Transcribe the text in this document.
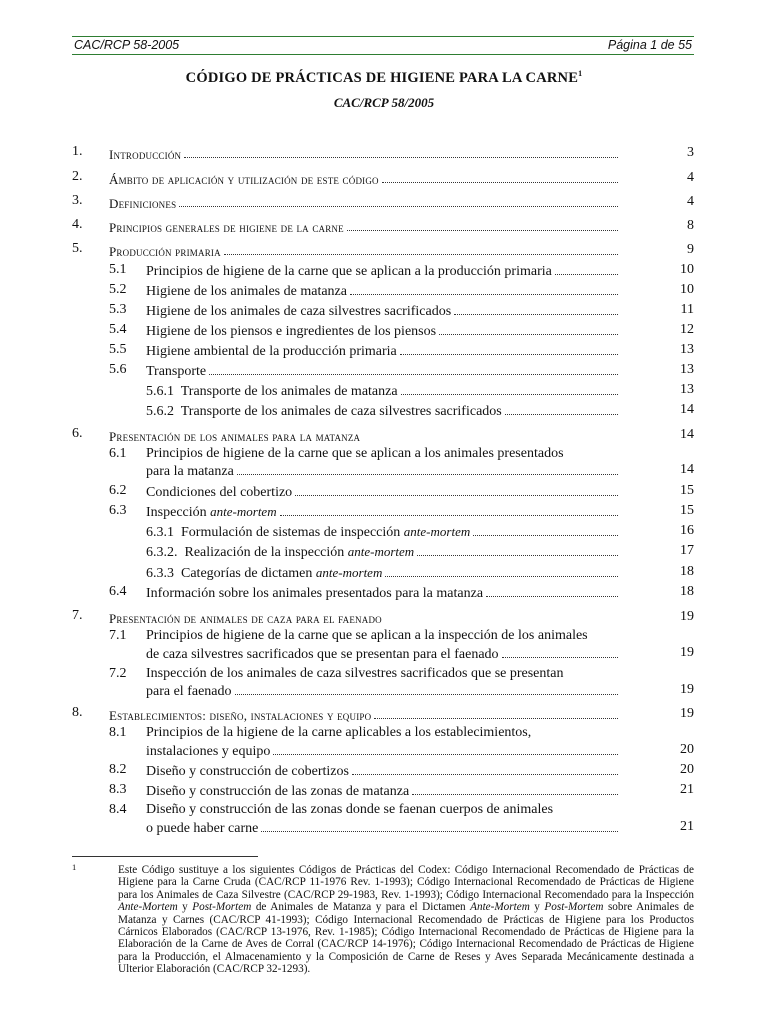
CAC/RCP 58-2005	Página 1 de 55
CÓDIGO DE PRÁCTICAS DE HIGIENE PARA LA CARNE$^1$
CAC/RCP 58/2005
1. Introducción	3
2. Ámbito de aplicación y utilización de este código	4
3. Definiciones	4
4. Principios generales de higiene de la carne	8
5. Producción primaria	9
5.1 Principios de higiene de la carne que se aplican a la producción primaria	10
5.2 Higiene de los animales de matanza	10
5.3 Higiene de los animales de caza silvestres sacrificados	11
5.4 Higiene de los piensos e ingredientes de los piensos	12
5.5 Higiene ambiental de la producción primaria	13
5.6 Transporte	13
5.6.1 Transporte de los animales de matanza	13
5.6.2 Transporte de los animales de caza silvestres sacrificados	14
6. Presentación de los animales para la matanza	14
6.1 Principios de higiene de la carne que se aplican a los animales presentados
para la matanza	14
6.2 Condiciones del cobertizo	15
6.3 Inspección ante-mortem	15
6.3.1 Formulación de sistemas de inspección ante-mortem	16
6.3.2. Realización de la inspección ante-mortem	17
6.3.3 Categorías de dictamen ante-mortem	18
6.4 Información sobre los animales presentados para la matanza	18
7. Presentación de animales de caza para el faenado	19
7.1 Principios de higiene de la carne que se aplican a la inspección de los animales
de caza silvestres sacrificados que se presentan para el faenado	19
7.2 Inspección de los animales de caza silvestres sacrificados que se presentan
para el faenado	19
8. Establecimientos: diseño, instalaciones y equipo	19
8.1 Principios de la higiene de la carne aplicables a los establecimientos,
instalaciones y equipo	20
8.2 Diseño y construcción de cobertizos	20
8.3 Diseño y construcción de las zonas de matanza	21
8.4 Diseño y construcción de las zonas donde se faenan cuerpos de animales
o puede haber carne	21
1	Este Código sustituye a los siguientes Códigos de Prácticas del Codex: Código Internacional Recomendado de Prácticas de Higiene para la Carne Cruda (CAC/RCP 11-1976 Rev. 1-1993); Código Internacional Recomendado de Prácticas de Higiene para los Animales de Caza Silvestre (CAC/RCP 29-1983, Rev. 1-1993); Código Internacional Recomendado para la Inspección Ante-Mortem y Post-Mortem de Animales de Matanza y para el Dictamen Ante-Mortem y Post-Mortem sobre Animales de Matanza y Carnes (CAC/RCP 41-1993); Código Internacional Recomendado de Prácticas de Higiene para los Productos Cárnicos Elaborados (CAC/RCP 13-1976, Rev. 1-1985); Código Internacional Recomendado de Prácticas de Higiene para la Elaboración de la Carne de Aves de Corral (CAC/RCP 14-1976); Código Internacional Recomendado de Prácticas de Higiene para la Producción, el Almacenamiento y la Composición de Carne de Reses y Aves Separada Mecánicamente destinada a Ulterior Elaboración (CAC/RCP 32-1293).
